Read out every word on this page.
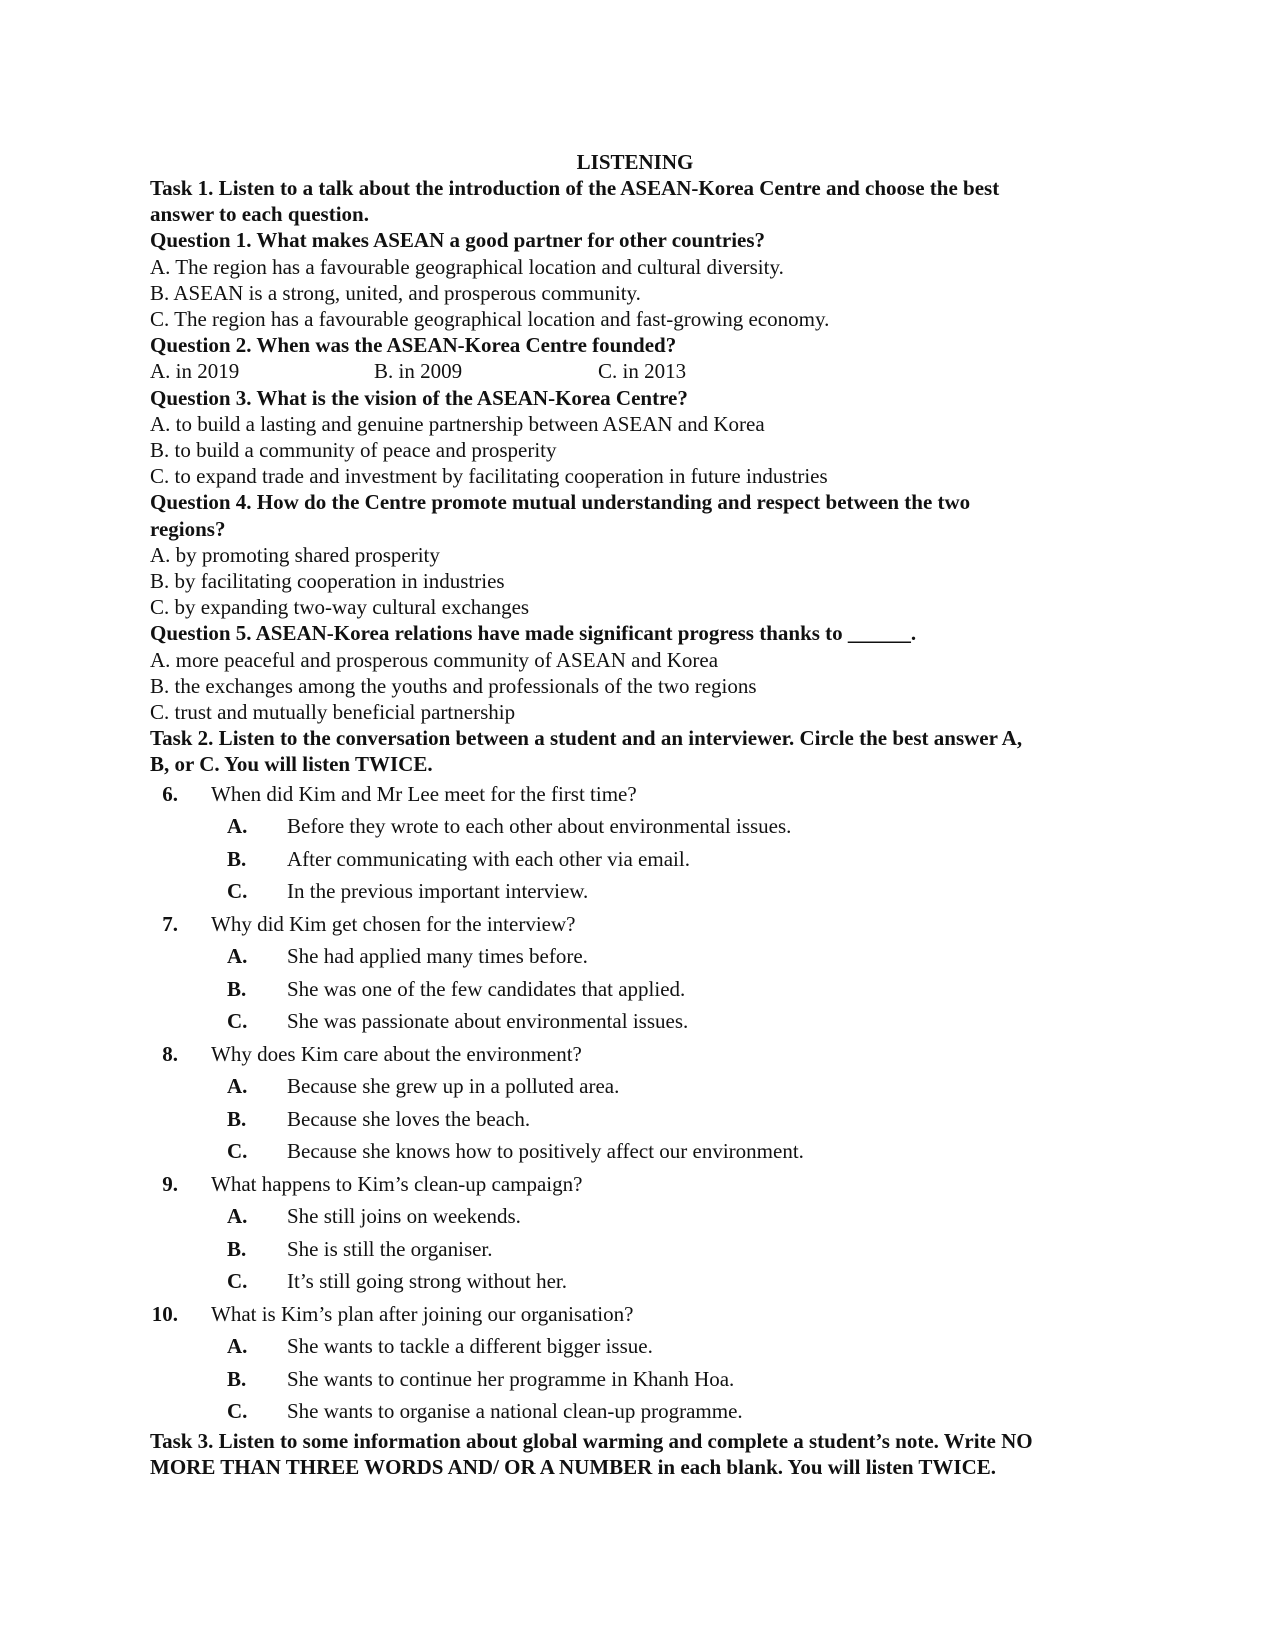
LISTENING
Task 1. Listen to a talk about the introduction of the ASEAN-Korea Centre and choose the best
answer to each question.
Question 1. What makes ASEAN a good partner for other countries?
A. The region has a favourable geographical location and cultural diversity.
B. ASEAN is a strong, united, and prosperous community.
C. The region has a favourable geographical location and fast-growing economy.
Question 2. When was the ASEAN-Korea Centre founded?
A. in 2019	B. in 2009	C. in 2013
Question 3. What is the vision of the ASEAN-Korea Centre?
A. to build a lasting and genuine partnership between ASEAN and Korea
B. to build a community of peace and prosperity
C. to expand trade and investment by facilitating cooperation in future industries
Question 4. How do the Centre promote mutual understanding and respect between the two
regions?
A. by promoting shared prosperity
B. by facilitating cooperation in industries
C. by expanding two-way cultural exchanges
Question 5. ASEAN-Korea relations have made significant progress thanks to ______.
A. more peaceful and prosperous community of ASEAN and Korea
B. the exchanges among the youths and professionals of the two regions
C. trust and mutually beneficial partnership
Task 2. Listen to the conversation between a student and an interviewer. Circle the best answer A,
B, or C. You will listen TWICE.
6. When did Kim and Mr Lee meet for the first time?
A. Before they wrote to each other about environmental issues.
B. After communicating with each other via email.
C. In the previous important interview.
7. Why did Kim get chosen for the interview?
A. She had applied many times before.
B. She was one of the few candidates that applied.
C. She was passionate about environmental issues.
8. Why does Kim care about the environment?
A. Because she grew up in a polluted area.
B. Because she loves the beach.
C. Because she knows how to positively affect our environment.
9. What happens to Kim’s clean-up campaign?
A. She still joins on weekends.
B. She is still the organiser.
C. It’s still going strong without her.
10. What is Kim’s plan after joining our organisation?
A. She wants to tackle a different bigger issue.
B. She wants to continue her programme in Khanh Hoa.
C. She wants to organise a national clean-up programme.
Task 3. Listen to some information about global warming and complete a student’s note. Write NO
MORE THAN THREE WORDS AND/ OR A NUMBER in each blank. You will listen TWICE.
